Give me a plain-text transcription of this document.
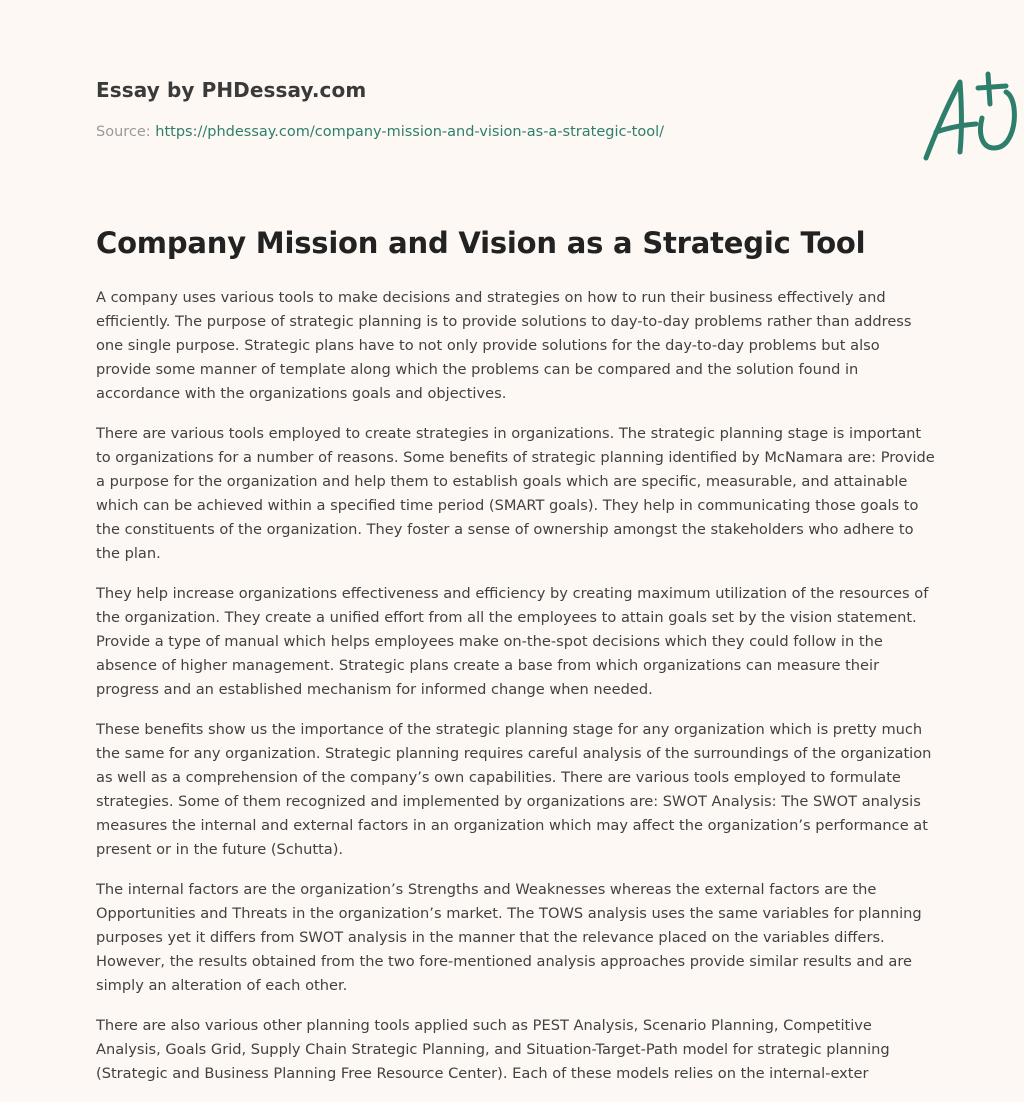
Essay by PHDessay.com
Source: https://phdessay.com/company-mission-and-vision-as-a-strategic-tool/
Company Mission and Vision as a Strategic Tool

A company uses various tools to make decisions and strategies on how to run their business effectively and efficiently. The purpose of strategic planning is to provide solutions to day-to-day problems rather than address one single purpose. Strategic plans have to not only provide solutions for the day-to-day problems but also provide some manner of template along which the problems can be compared and the solution found in accordance with the organizations goals and objectives.

There are various tools employed to create strategies in organizations. The strategic planning stage is important to organizations for a number of reasons. Some benefits of strategic planning identified by McNamara are: Provide a purpose for the organization and help them to establish goals which are specific, measurable, and attainable which can be achieved within a specified time period (SMART goals). They help in communicating those goals to the constituents of the organization. They foster a sense of ownership amongst the stakeholders who adhere to the plan.

They help increase organizations effectiveness and efficiency by creating maximum utilization of the resources of the organization. They create a unified effort from all the employees to attain goals set by the vision statement. Provide a type of manual which helps employees make on-the-spot decisions which they could follow in the absence of higher management. Strategic plans create a base from which organizations can measure their progress and an established mechanism for informed change when needed.

These benefits show us the importance of the strategic planning stage for any organization which is pretty much the same for any organization. Strategic planning requires careful analysis of the surroundings of the organization as well as a comprehension of the company’s own capabilities. There are various tools employed to formulate strategies. Some of them recognized and implemented by organizations are: SWOT Analysis: The SWOT analysis measures the internal and external factors in an organization which may affect the organization’s performance at present or in the future (Schutta).

The internal factors are the organization’s Strengths and Weaknesses whereas the external factors are the Opportunities and Threats in the organization’s market. The TOWS analysis uses the same variables for planning purposes yet it differs from SWOT analysis in the manner that the relevance placed on the variables differs. However, the results obtained from the two fore-mentioned analysis approaches provide similar results and are simply an alteration of each other.

There are also various other planning tools applied such as PEST Analysis, Scenario Planning, Competitive Analysis, Goals Grid, Supply Chain Strategic Planning, and Situation-Target-Path model for strategic planning (Strategic and Business Planning Free Resource Center). Each of these models relies on the internal-exter
